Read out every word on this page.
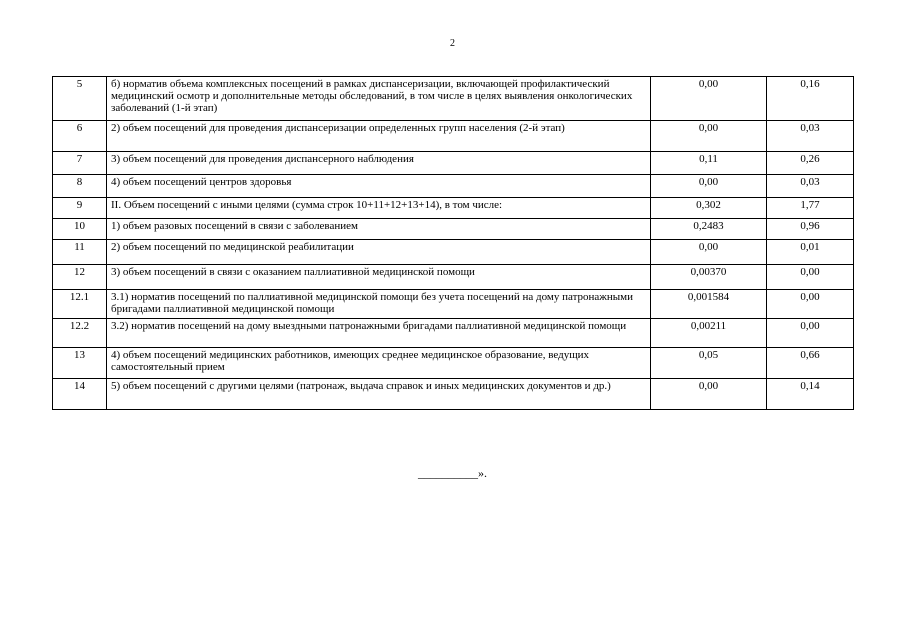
2
5	б) норматив объема комплексных посещений в рамках диспансеризации, включающей профилактический медицинский осмотр и дополнительные методы обследований, в том числе в целях выявления онкологических заболеваний (1-й этап)	0,00	0,16
6	2) объем посещений для проведения диспансеризации определенных групп населения (2-й этап)	0,00	0,03
7	3) объем посещений для проведения диспансерного наблюдения	0,11	0,26
8	4) объем посещений центров здоровья	0,00	0,03
9	II. Объем посещений с иными целями (сумма строк 10+11+12+13+14), в том числе:	0,302	1,77
10	1) объем разовых посещений в связи с заболеванием	0,2483	0,96
11	2) объем посещений по медицинской реабилитации	0,00	0,01
12	3) объем посещений в связи с оказанием паллиативной медицинской помощи	0,00370	0,00
12.1	3.1) норматив посещений по паллиативной медицинской помощи без учета посещений на дому патронажными бригадами паллиативной медицинской помощи	0,001584	0,00
12.2	3.2) норматив посещений на дому выездными патронажными бригадами паллиативной медицинской помощи	0,00211	0,00
13	4) объем посещений медицинских работников, имеющих среднее медицинское образование, ведущих самостоятельный прием	0,05	0,66
14	5) объем посещений с другими целями (патронаж, выдача справок и иных медицинских документов и др.)	0,00	0,14
__________».
